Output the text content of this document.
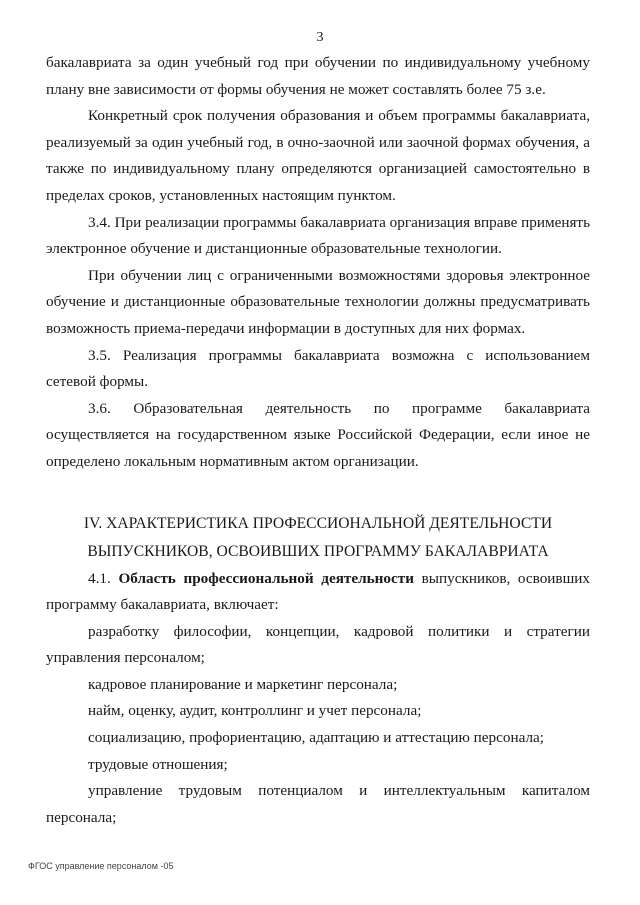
3

бакалавриата за один учебный год при обучении по индивидуальному учебному плану вне зависимости от формы обучения не может составлять более 75 з.е.

Конкретный срок получения образования и объем программы бакалавриата, реализуемый за один учебный год, в очно-заочной или заочной формах обучения, а также по индивидуальному плану определяются организацией самостоятельно в пределах сроков, установленных настоящим пунктом.

3.4. При реализации программы бакалавриата организация вправе применять электронное обучение и дистанционные образовательные технологии.

При обучении лиц с ограниченными возможностями здоровья электронное обучение и дистанционные образовательные технологии должны предусматривать возможность приема-передачи информации в доступных для них формах.

3.5. Реализация программы бакалавриата возможна с использованием сетевой формы.

3.6. Образовательная деятельность по программе бакалавриата осуществляется на государственном языке Российской Федерации, если иное не определено локальным нормативным актом организации.

IV. ХАРАКТЕРИСТИКА ПРОФЕССИОНАЛЬНОЙ ДЕЯТЕЛЬНОСТИ
ВЫПУСКНИКОВ, ОСВОИВШИХ ПРОГРАММУ БАКАЛАВРИАТА

4.1. Область профессиональной деятельности выпускников, освоивших программу бакалавриата, включает:

разработку философии, концепции, кадровой политики и стратегии управления персоналом;

кадровое планирование и маркетинг персонала;

найм, оценку, аудит, контроллинг и учет персонала;

социализацию, профориентацию, адаптацию и аттестацию персонала;

трудовые отношения;

управление трудовым потенциалом и интеллектуальным капиталом персонала;

ФГОС управление персоналом -05
